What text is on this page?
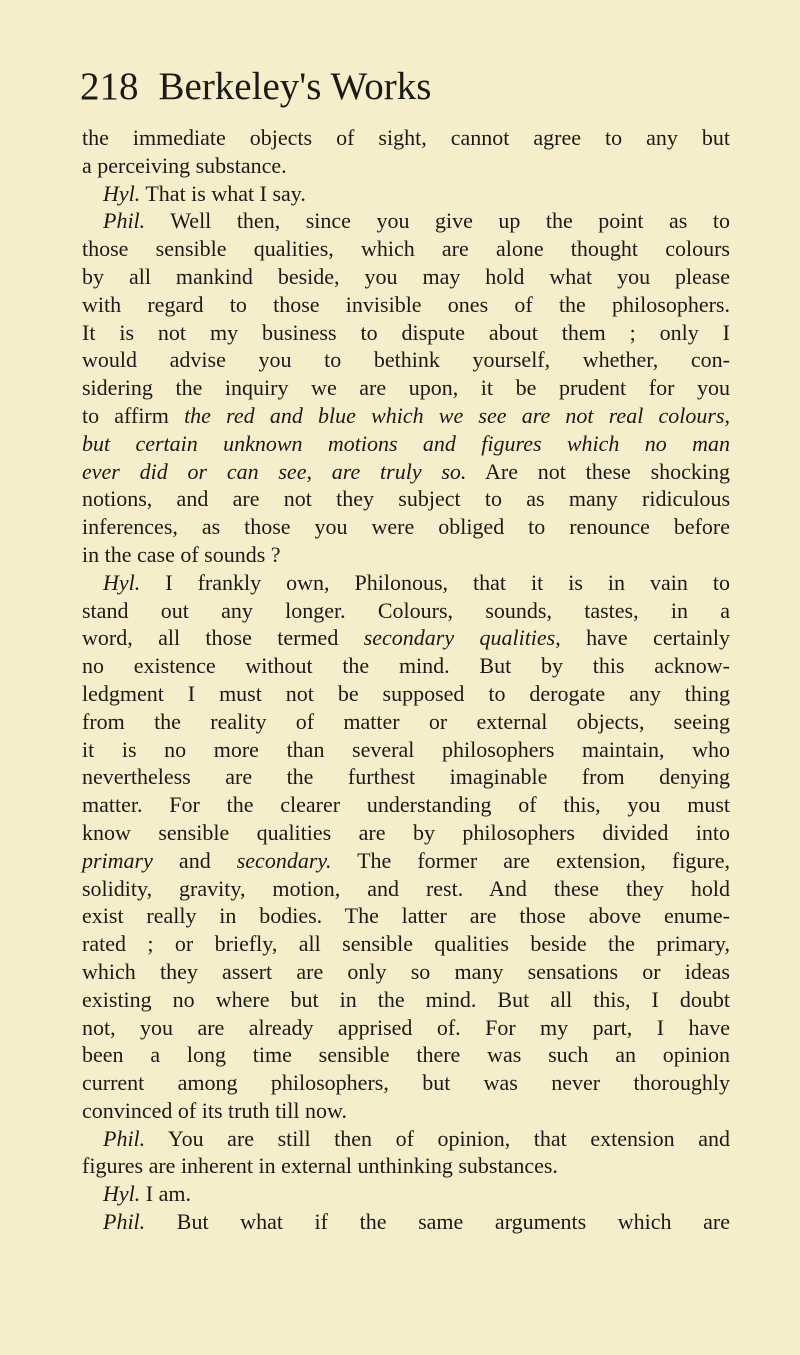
218 Berkeley's Works
the immediate objects of sight, cannot agree to any but
a perceiving substance.
Hyl. That is what I say.
Phil. Well then, since you give up the point as to
those sensible qualities, which are alone thought colours
by all mankind beside, you may hold what you please
with regard to those invisible ones of the philosophers.
It is not my business to dispute about them ; only I
would advise you to bethink yourself, whether, con-
sidering the inquiry we are upon, it be prudent for you
to affirm the red and blue which we see are not real colours,
but certain unknown motions and figures which no man
ever did or can see, are truly so. Are not these shocking
notions, and are not they subject to as many ridiculous
inferences, as those you were obliged to renounce before
in the case of sounds ?
Hyl. I frankly own, Philonous, that it is in vain to
stand out any longer. Colours, sounds, tastes, in a
word, all those termed secondary qualities, have certainly
no existence without the mind. But by this acknow-
ledgment I must not be supposed to derogate any thing
from the reality of matter or external objects, seeing
it is no more than several philosophers maintain, who
nevertheless are the furthest imaginable from denying
matter. For the clearer understanding of this, you must
know sensible qualities are by philosophers divided into
primary and secondary. The former are extension, figure,
solidity, gravity, motion, and rest. And these they hold
exist really in bodies. The latter are those above enume-
rated ; or briefly, all sensible qualities beside the primary,
which they assert are only so many sensations or ideas
existing no where but in the mind. But all this, I doubt
not, you are already apprised of. For my part, I have
been a long time sensible there was such an opinion
current among philosophers, but was never thoroughly
convinced of its truth till now.
Phil. You are still then of opinion, that extension and
figures are inherent in external unthinking substances.
Hyl. I am.
Phil. But what if the same arguments which are
